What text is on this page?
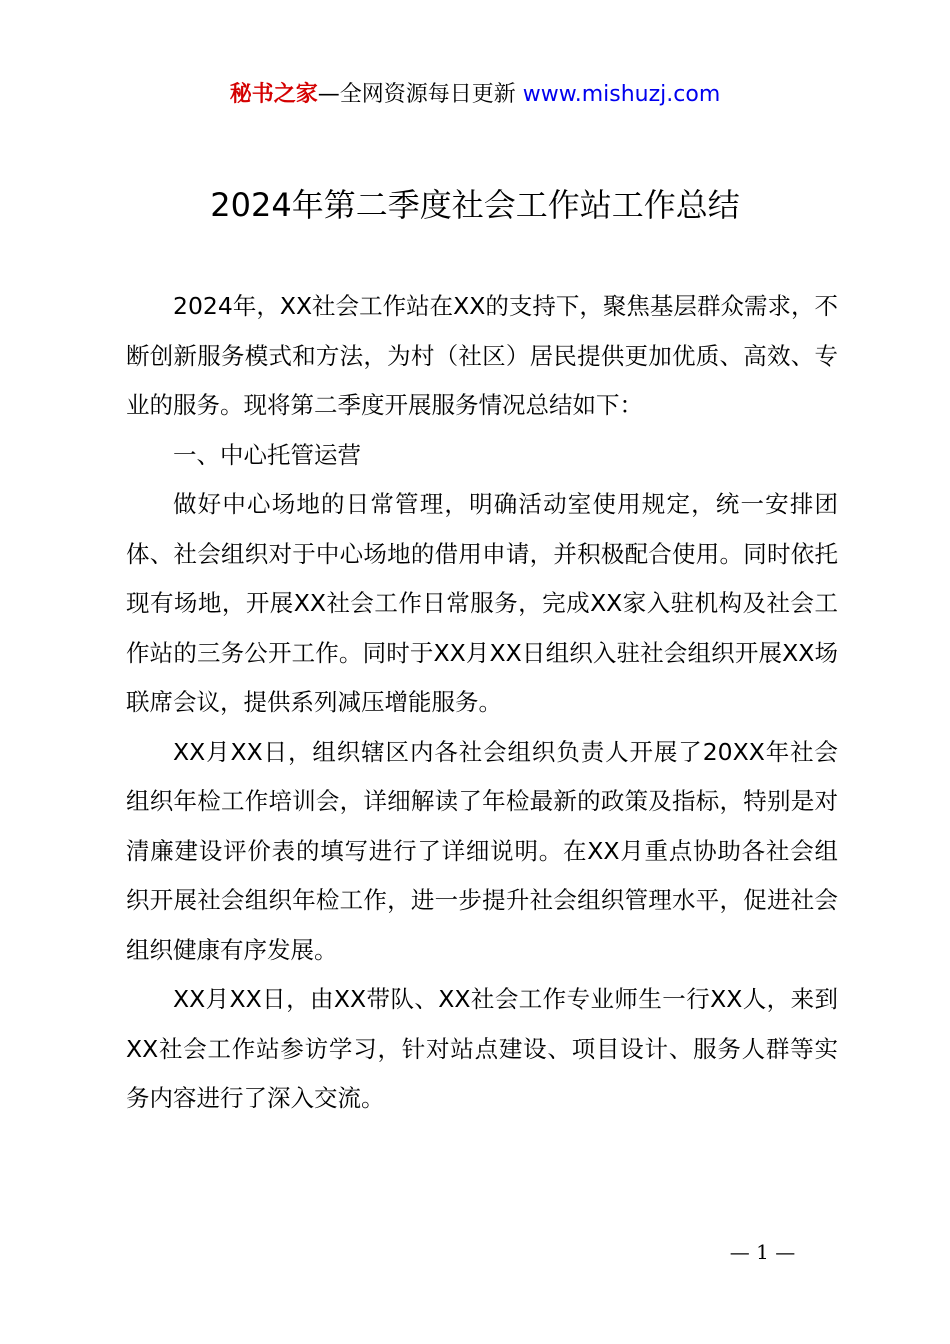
秘书之家—全网资源每日更新 www.mishuzj.com
2024年第二季度社会工作站工作总结

2024年，XX社会工作站在XX的支持下，聚焦基层群众需求，不断创新服务模式和方法，为村（社区）居民提供更加优质、高效、专业的服务。现将第二季度开展服务情况总结如下：

一、中心托管运营

做好中心场地的日常管理，明确活动室使用规定，统一安排团体、社会组织对于中心场地的借用申请，并积极配合使用。同时依托现有场地，开展XX社会工作日常服务，完成XX家入驻机构及社会工作站的三务公开工作。同时于XX月XX日组织入驻社会组织开展XX场联席会议，提供系列减压增能服务。

XX月XX日，组织辖区内各社会组织负责人开展了20XX年社会组织年检工作培训会，详细解读了年检最新的政策及指标，特别是对清廉建设评价表的填写进行了详细说明。在XX月重点协助各社会组织开展社会组织年检工作，进一步提升社会组织管理水平，促进社会组织健康有序发展。

XX月XX日，由XX带队、XX社会工作专业师生一行XX人，来到XX社会工作站参访学习，针对站点建设、项目设计、服务人群等实务内容进行了深入交流。

— 1 —
